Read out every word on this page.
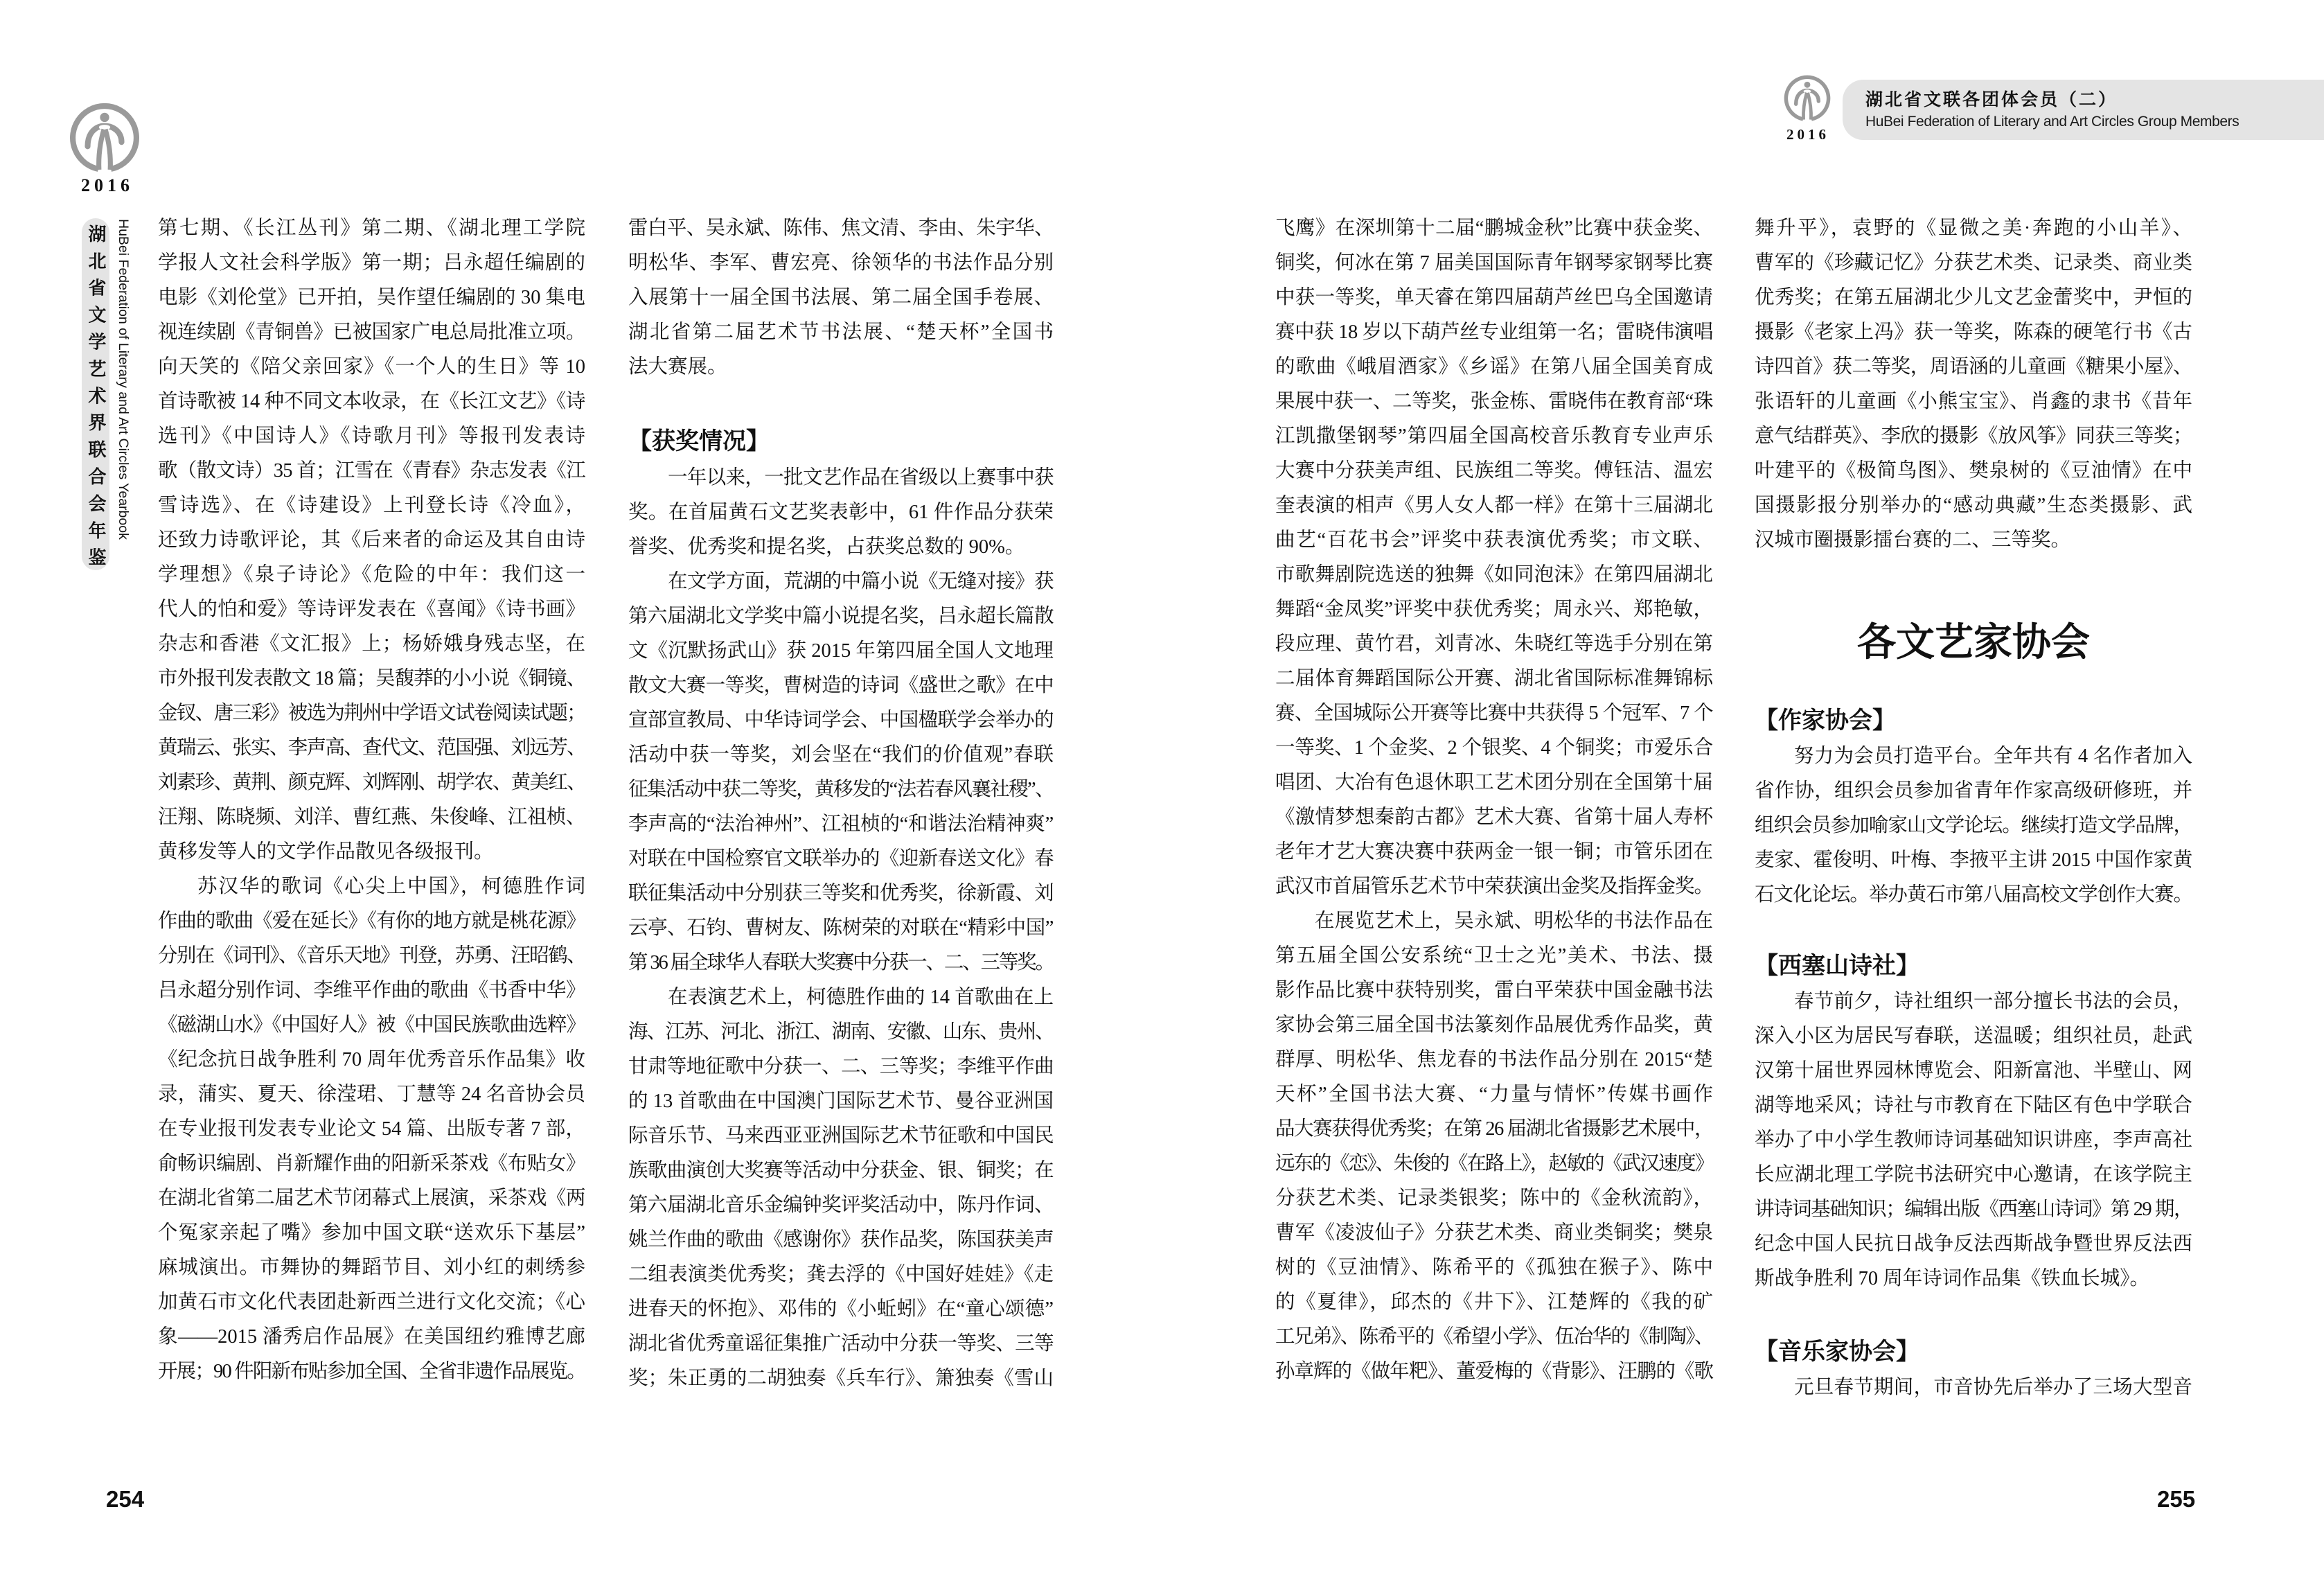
2016
湖北省文学艺术界联合会年鉴 HuBei Federation of Literary and Art Circles Yearbook 第七期、《长江丛刊》第二期、《湖北理工学院
学报人文社会科学版》第一期；吕永超任编剧的
电影《刘伦堂》已开拍，吴作望任编剧的 30 集电
视连续剧《青铜兽》已被国家广电总局批准立项。
向天笑的《陪父亲回家》《一个人的生日》等 10
首诗歌被 14 种不同文本收录，在《长江文艺》《诗
选刊》《中国诗人》《诗歌月刊》等报刊发表诗
歌（散文诗）35 首；江雪在《青春》杂志发表《江
雪诗选》、在《诗建设》上刊登长诗《冷血》，
还致力诗歌评论，其《后来者的命运及其自由诗
学理想》《泉子诗论》《危险的中年：我们这一
代人的怕和爱》等诗评发表在《喜闻》《诗书画》
杂志和香港《文汇报》上；杨娇娥身残志坚，在
市外报刊发表散文 18 篇；吴馥莽的小小说《铜镜、
金钗、唐三彩》被选为荆州中学语文试卷阅读试题；
黄瑞云、张实、李声高、查代文、范国强、刘远芳、
刘素珍、黄荆、颜克辉、刘辉刚、胡学农、黄美红、
汪翔、陈晓频、刘洋、曹红燕、朱俊峰、江祖桢、
黄移发等人的文学作品散见各级报刊。
苏汉华的歌词《心尖上中国》，柯德胜作词
作曲的歌曲《爱在延长》《有你的地方就是桃花源》
分别在《词刊》、《音乐天地》刊登，苏勇、汪昭鹤、
吕永超分别作词、李维平作曲的歌曲《书香中华》
《磁湖山水》《中国好人》被《中国民族歌曲选粹》
《纪念抗日战争胜利 70 周年优秀音乐作品集》收
录，蒲实、夏天、徐滢珺、丁慧等 24 名音协会员
在专业报刊发表专业论文 54 篇、出版专著 7 部，
俞畅识编剧、肖新耀作曲的阳新采茶戏《布贴女》
在湖北省第二届艺术节闭幕式上展演，采茶戏《两
个冤家亲起了嘴》参加中国文联“送欢乐下基层”
麻城演出。市舞协的舞蹈节目、刘小红的刺绣参
加黄石市文化代表团赴新西兰进行文化交流；《心
象——2015 潘秀启作品展》在美国纽约雅博艺廊
开展；90 件阳新布贴参加全国、全省非遗作品展览。
雷白平、吴永斌、陈伟、焦文清、李由、朱宇华、
明松华、李军、曹宏亮、徐领华的书法作品分别
入展第十一届全国书法展、第二届全国手卷展、
湖北省第二届艺术节书法展、“楚天杯”全国书
法大赛展。
【获奖情况】
一年以来，一批文艺作品在省级以上赛事中获
奖。在首届黄石文艺奖表彰中，61 件作品分获荣
誉奖、优秀奖和提名奖，占获奖总数的 90%。
在文学方面，荒湖的中篇小说《无缝对接》获
第六届湖北文学奖中篇小说提名奖，吕永超长篇散
文《沉默扬武山》获 2015 年第四届全国人文地理
散文大赛一等奖，曹树造的诗词《盛世之歌》在中
宣部宣教局、中华诗词学会、中国楹联学会举办的
活动中获一等奖，刘会坚在“我们的价值观”春联
征集活动中获二等奖，黄移发的“法若春风襄社稷”、
李声高的“法治神州”、江祖桢的“和谐法治精神爽”
对联在中国检察官文联举办的《迎新春送文化》春
联征集活动中分别获三等奖和优秀奖，徐新霞、刘
云亭、石钧、曹树友、陈树荣的对联在“精彩中国”
第 36 届全球华人春联大奖赛中分获一、二、三等奖。
在表演艺术上，柯德胜作曲的 14 首歌曲在上
海、江苏、河北、浙江、湖南、安徽、山东、贵州、
甘肃等地征歌中分获一、二、三等奖；李维平作曲
的 13 首歌曲在中国澳门国际艺术节、曼谷亚洲国
际音乐节、马来西亚亚洲国际艺术节征歌和中国民
族歌曲演创大奖赛等活动中分获金、银、铜奖；在
第六届湖北音乐金编钟奖评奖活动中，陈丹作词、
姚兰作曲的歌曲《感谢你》获作品奖，陈国获美声
二组表演类优秀奖；龚去浮的《中国好娃娃》《走
进春天的怀抱》、邓伟的《小蚯蚓》在“童心颂德”
湖北省优秀童谣征集推广活动中分获一等奖、三等
奖；朱正勇的二胡独奏《兵车行》、箫独奏《雪山
254
2016
湖北省文联各团体会员（二）
HuBei Federation of Literary and Art Circles Group Members
飞鹰》在深圳第十二届“鹏城金秋”比赛中获金奖、
铜奖，何冰在第 7 届美国国际青年钢琴家钢琴比赛
中获一等奖，单天睿在第四届葫芦丝巴乌全国邀请
赛中获 18 岁以下葫芦丝专业组第一名；雷晓伟演唱
的歌曲《峨眉酒家》《乡谣》在第八届全国美育成
果展中获一、二等奖，张金栋、雷晓伟在教育部“珠
江凯撒堡钢琴”第四届全国高校音乐教育专业声乐
大赛中分获美声组、民族组二等奖。傅钰洁、温宏
奎表演的相声《男人女人都一样》在第十三届湖北
曲艺“百花书会”评奖中获表演优秀奖；市文联、
市歌舞剧院选送的独舞《如同泡沫》在第四届湖北
舞蹈“金凤奖”评奖中获优秀奖；周永兴、郑艳敏，
段应理、黄竹君，刘青冰、朱晓红等选手分别在第
二届体育舞蹈国际公开赛、湖北省国际标准舞锦标
赛、全国城际公开赛等比赛中共获得 5 个冠军、7 个
一等奖、1 个金奖、2 个银奖、4 个铜奖；市爱乐合
唱团、大冶有色退休职工艺术团分别在全国第十届
《激情梦想秦韵古都》艺术大赛、省第十届人寿杯
老年才艺大赛决赛中获两金一银一铜；市管乐团在
武汉市首届管乐艺术节中荣获演出金奖及指挥金奖。
在展览艺术上，吴永斌、明松华的书法作品在
第五届全国公安系统“卫士之光”美术、书法、摄
影作品比赛中获特别奖，雷白平荣获中国金融书法
家协会第三届全国书法篆刻作品展优秀作品奖，黄
群厚、明松华、焦龙春的书法作品分别在 2015“楚
天杯”全国书法大赛、“力量与情怀”传媒书画作
品大赛获得优秀奖；在第 26 届湖北省摄影艺术展中，
远东的《恋》、朱俊的《在路上》，赵敏的《武汉速度》
分获艺术类、记录类银奖；陈中的《金秋流韵》，
曹军《凌波仙子》分获艺术类、商业类铜奖；樊泉
树的《豆油情》、陈希平的《孤独在猴子》、陈中
的《夏律》，邱杰的《井下》、江楚辉的《我的矿
工兄弟》、陈希平的《希望小学》、伍冶华的《制陶》、
孙章辉的《做年粑》、董爱梅的《背影》、汪鹏的《歌
舞升平》，袁野的《显微之美·奔跑的小山羊》、
曹军的《珍藏记忆》分获艺术类、记录类、商业类
优秀奖；在第五届湖北少儿文艺金蕾奖中，尹恒的
摄影《老家上冯》获一等奖，陈森的硬笔行书《古
诗四首》获二等奖，周语涵的儿童画《糖果小屋》、
张语轩的儿童画《小熊宝宝》、肖鑫的隶书《昔年
意气结群英》、李欣的摄影《放风筝》同获三等奖；
叶建平的《极简鸟图》、樊泉树的《豆油情》在中
国摄影报分别举办的“感动典藏”生态类摄影、武
汉城市圈摄影擂台赛的二、三等奖。
各文艺家协会
【作家协会】
努力为会员打造平台。全年共有 4 名作者加入
省作协，组织会员参加省青年作家高级研修班，并
组织会员参加喻家山文学论坛。继续打造文学品牌，
麦家、霍俊明、叶梅、李掖平主讲 2015 中国作家黄
石文化论坛。举办黄石市第八届高校文学创作大赛。
【西塞山诗社】
春节前夕，诗社组织一部分擅长书法的会员，
深入小区为居民写春联，送温暖；组织社员，赴武
汉第十届世界园林博览会、阳新富池、半壁山、网
湖等地采风；诗社与市教育在下陆区有色中学联合
举办了中小学生教师诗词基础知识讲座，李声高社
长应湖北理工学院书法研究中心邀请，在该学院主
讲诗词基础知识；编辑出版《西塞山诗词》第 29 期，
纪念中国人民抗日战争反法西斯战争暨世界反法西
斯战争胜利 70 周年诗词作品集《铁血长城》。
【音乐家协会】
元旦春节期间，市音协先后举办了三场大型音
255
